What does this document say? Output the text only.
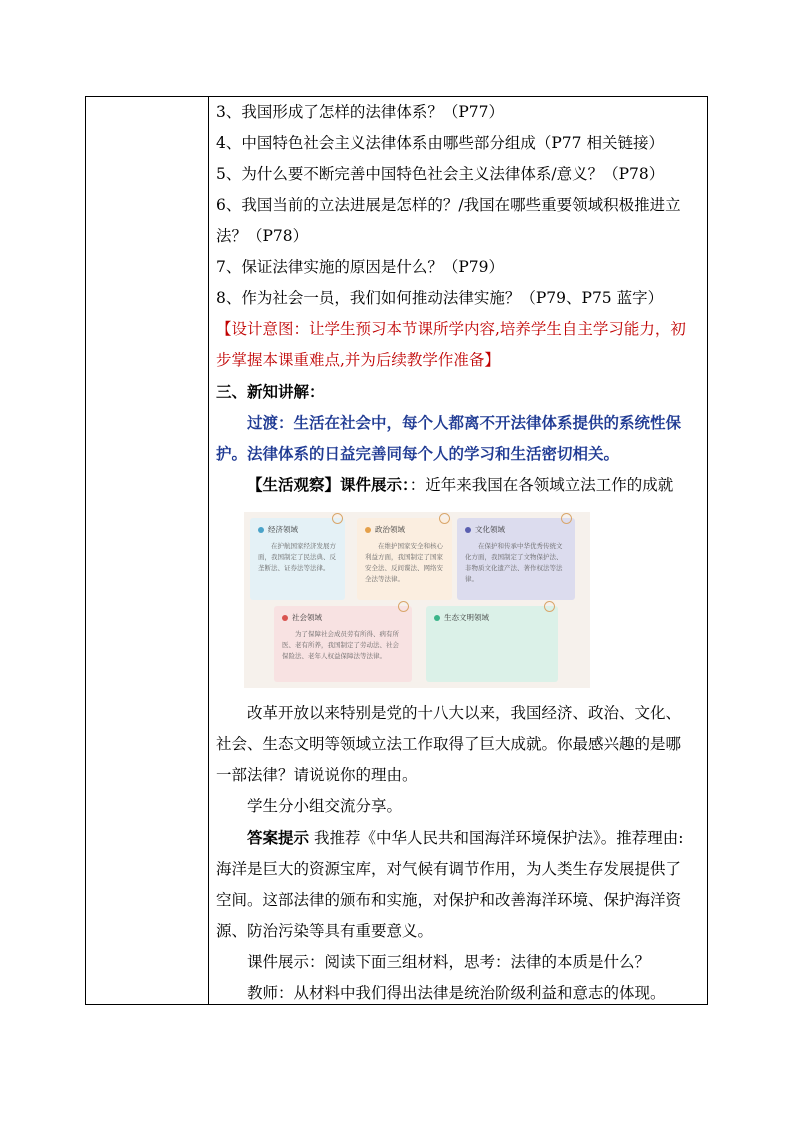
3、我国形成了怎样的法律体系？（P77）

4、中国特色社会主义法律体系由哪些部分组成（P77 相关链接）

5、为什么要不断完善中国特色社会主义法律体系/意义？（P78）

6、我国当前的立法进展是怎样的？/我国在哪些重要领域积极推进立

法？（P78）

7、保证法律实施的原因是什么？（P79）

8、作为社会一员，我们如何推动法律实施？（P79、P75 蓝字）

【设计意图：让学生预习本节课所学内容,培养学生自主学习能力，初

步掌握本课重难点,并为后续教学作准备】

三、新知讲解：

过渡：生活在社会中，每个人都离不开法律体系提供的系统性保

护。法律体系的日益完善同每个人的学习和生活密切相关。

【生活观察】课件展示：：近年来我国在各领域立法工作的成就

经济领域
在护航国家经济发展方面，我国制定了民法典、反垄断法、证券法等法律。
政治领域
在维护国家安全和核心利益方面，我国制定了国家安全法、反间谍法、网络安全法等法律。
文化领域
在保护和传承中华优秀传统文化方面，我国制定了文物保护法、非物质文化遗产法、著作权法等法律。
社会领域
为了保障社会成员劳有所得、病有所医、老有所养，我国制定了劳动法、社会保险法、老年人权益保障法等法律。
生态文明领域

改革开放以来特别是党的十八大以来，我国经济、政治、文化、

社会、生态文明等领域立法工作取得了巨大成就。你最感兴趣的是哪

一部法律？请说说你的理由。

学生分小组交流分享。

答案提示 我推荐《中华人民共和国海洋环境保护法》。推荐理由:

海洋是巨大的资源宝库，对气候有调节作用，为人类生存发展提供了

空间。这部法律的颁布和实施，对保护和改善海洋环境、保护海洋资

源、防治污染等具有重要意义。

课件展示：阅读下面三组材料，思考：法律的本质是什么？

教师：从材料中我们得出法律是统治阶级利益和意志的体现。
